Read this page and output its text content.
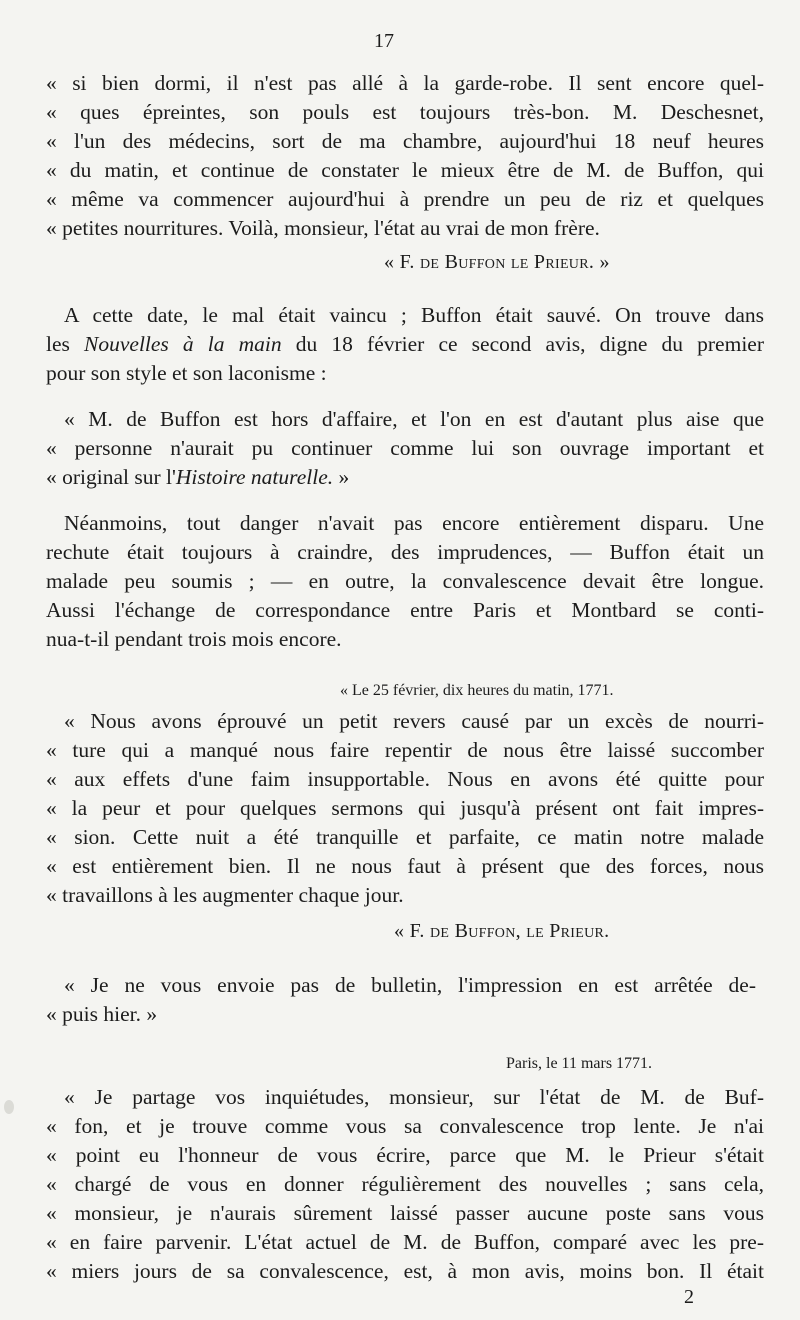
17
« si bien dormi, il n'est pas allé à la garde-robe. Il sent encore quel-
« ques épreintes, son pouls est toujours très-bon. M. Deschesnet,
« l'un des médecins, sort de ma chambre, aujourd'hui 18 neuf heures
« du matin, et continue de constater le mieux être de M. de Buffon, qui
« même va commencer aujourd'hui à prendre un peu de riz et quelques
« petites nourritures. Voilà, monsieur, l'état au vrai de mon frère.
« F. de Buffon le Prieur. »
A cette date, le mal était vaincu ; Buffon était sauvé. On trouve dans
les Nouvelles à la main du 18 février ce second avis, digne du premier
pour son style et son laconisme :
« M. de Buffon est hors d'affaire, et l'on en est d'autant plus aise que
« personne n'aurait pu continuer comme lui son ouvrage important et
« original sur l'Histoire naturelle. »
Néanmoins, tout danger n'avait pas encore entièrement disparu. Une
rechute était toujours à craindre, des imprudences, — Buffon était un
malade peu soumis ; — en outre, la convalescence devait être longue.
Aussi l'échange de correspondance entre Paris et Montbard se conti-
nua-t-il pendant trois mois encore.
« Le 25 février, dix heures du matin, 1771.
« Nous avons éprouvé un petit revers causé par un excès de nourri-
« ture qui a manqué nous faire repentir de nous être laissé succomber
« aux effets d'une faim insupportable. Nous en avons été quitte pour
« la peur et pour quelques sermons qui jusqu'à présent ont fait impres-
« sion. Cette nuit a été tranquille et parfaite, ce matin notre malade
« est entièrement bien. Il ne nous faut à présent que des forces, nous
« travaillons à les augmenter chaque jour.
« F. de Buffon, le Prieur.
« Je ne vous envoie pas de bulletin, l'impression en est arrêtée de-
« puis hier. »
Paris, le 11 mars 1771.
« Je partage vos inquiétudes, monsieur, sur l'état de M. de Buf-
« fon, et je trouve comme vous sa convalescence trop lente. Je n'ai
« point eu l'honneur de vous écrire, parce que M. le Prieur s'était
« chargé de vous en donner régulièrement des nouvelles ; sans cela,
« monsieur, je n'aurais sûrement laissé passer aucune poste sans vous
« en faire parvenir. L'état actuel de M. de Buffon, comparé avec les pre-
« miers jours de sa convalescence, est, à mon avis, moins bon. Il était
2
